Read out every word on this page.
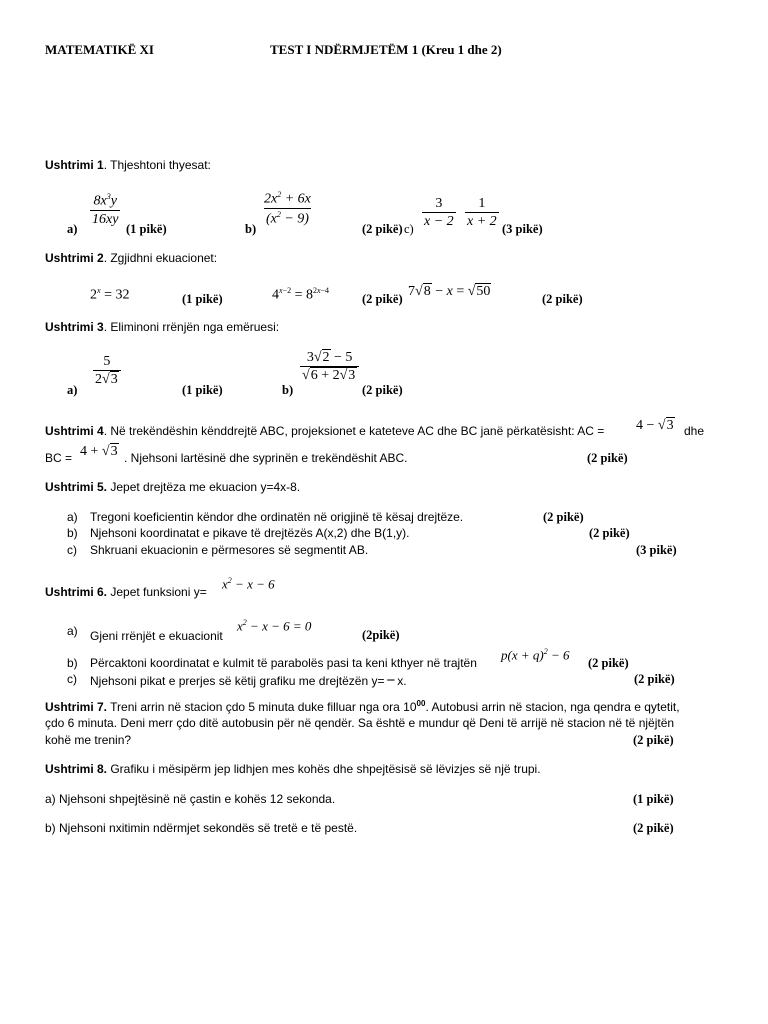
MATEMATIKË XI	TEST I NDËRMJETËM 1 (Kreu 1 dhe 2)
Ushtrimi 1. Thjeshtoni thyesat:
$\frac{8x^3y}{16xy}$
a)	(1 pikë)	b)
$\frac{2x^2 + 6x}{(x^2 - 9)}$
(2 pikë) $c) \frac{3}{x - 2} \frac{1}{x + 2} (3$ pikë)
Ushtrimi 2. Zgjidhni ekuacionet:
$2^x = 32$	(1 pikë)	$4^{x-2} = 8^{2x-4}$
(2 pikë) 7√8 − x = √50	(2 pikë)
Ushtrimi 3. Eliminoni rrënjën nga emëruesi:
a)
$\frac{5}{2√3}$
(1 pikë)	b)
$\frac{3√2 - 5}{√6 + 2√3}$
(2 pikë)
Ushtrimi 4. Në trekëndëshin kënddrejtë ABC, projeksionet e kateteve AC dhe BC janë përkatësisht: AC = 4 − √3 dhe
BC = 4 + √3 . Njehsoni lartësinë dhe syprinën e trekëndëshit ABC.	(2 pikë)
Ushtrimi 5. Jepet drejtëza me ekuacion y=4x-8.
a) Tregoni koeficientin këndor dhe ordinatën në origjinë të kësaj drejtëze.	(2 pikë)
b) Njehsoni koordinatat e pikave të drejtëzës A(x,2) dhe B(1,y).	(2 pikë)
c) Shkruani ekuacionin e përmesores së segmentit AB.	(3 pikë)
Ushtrimi 6. Jepet funksioni y=
$x^2 - x - 6$
a) Gjeni rrënjët e ekuacionit
$x^2 - x - 6 = 0$
(2pikë)
b) Përcaktoni koordinatat e kulmit të parabolës pasi ta keni kthyer në trajtën
$p(x + q)^2 - 6$
(2 pikë)
c) Njehsoni pikat e prerjes së këtij grafiku me drejtëzën y= − x.	(2 pikë)
Ushtrimi 7. Treni arrin në stacion çdo 5 minuta duke filluar nga ora $10^{00}$. Autobusi arrin në stacion, nga qendra e qytetit,
çdo 6 minuta. Deni merr çdo ditë autobusin për në qendër. Sa është e mundur që Deni të arrijë në stacion në të njëjtën
kohë me trenin?	(2 pikë)
Ushtrimi 8. Grafiku i mësipërm jep lidhjen mes kohës dhe shpejtësisë së lëvizjes së një trupi.
a) Njehsoni shpejtësinë në çastin e kohës 12 sekonda.	(1 pikë)
b) Njehsoni nxitimin ndërmjet sekondës së tretë e të pestë.	(2 pikë)
